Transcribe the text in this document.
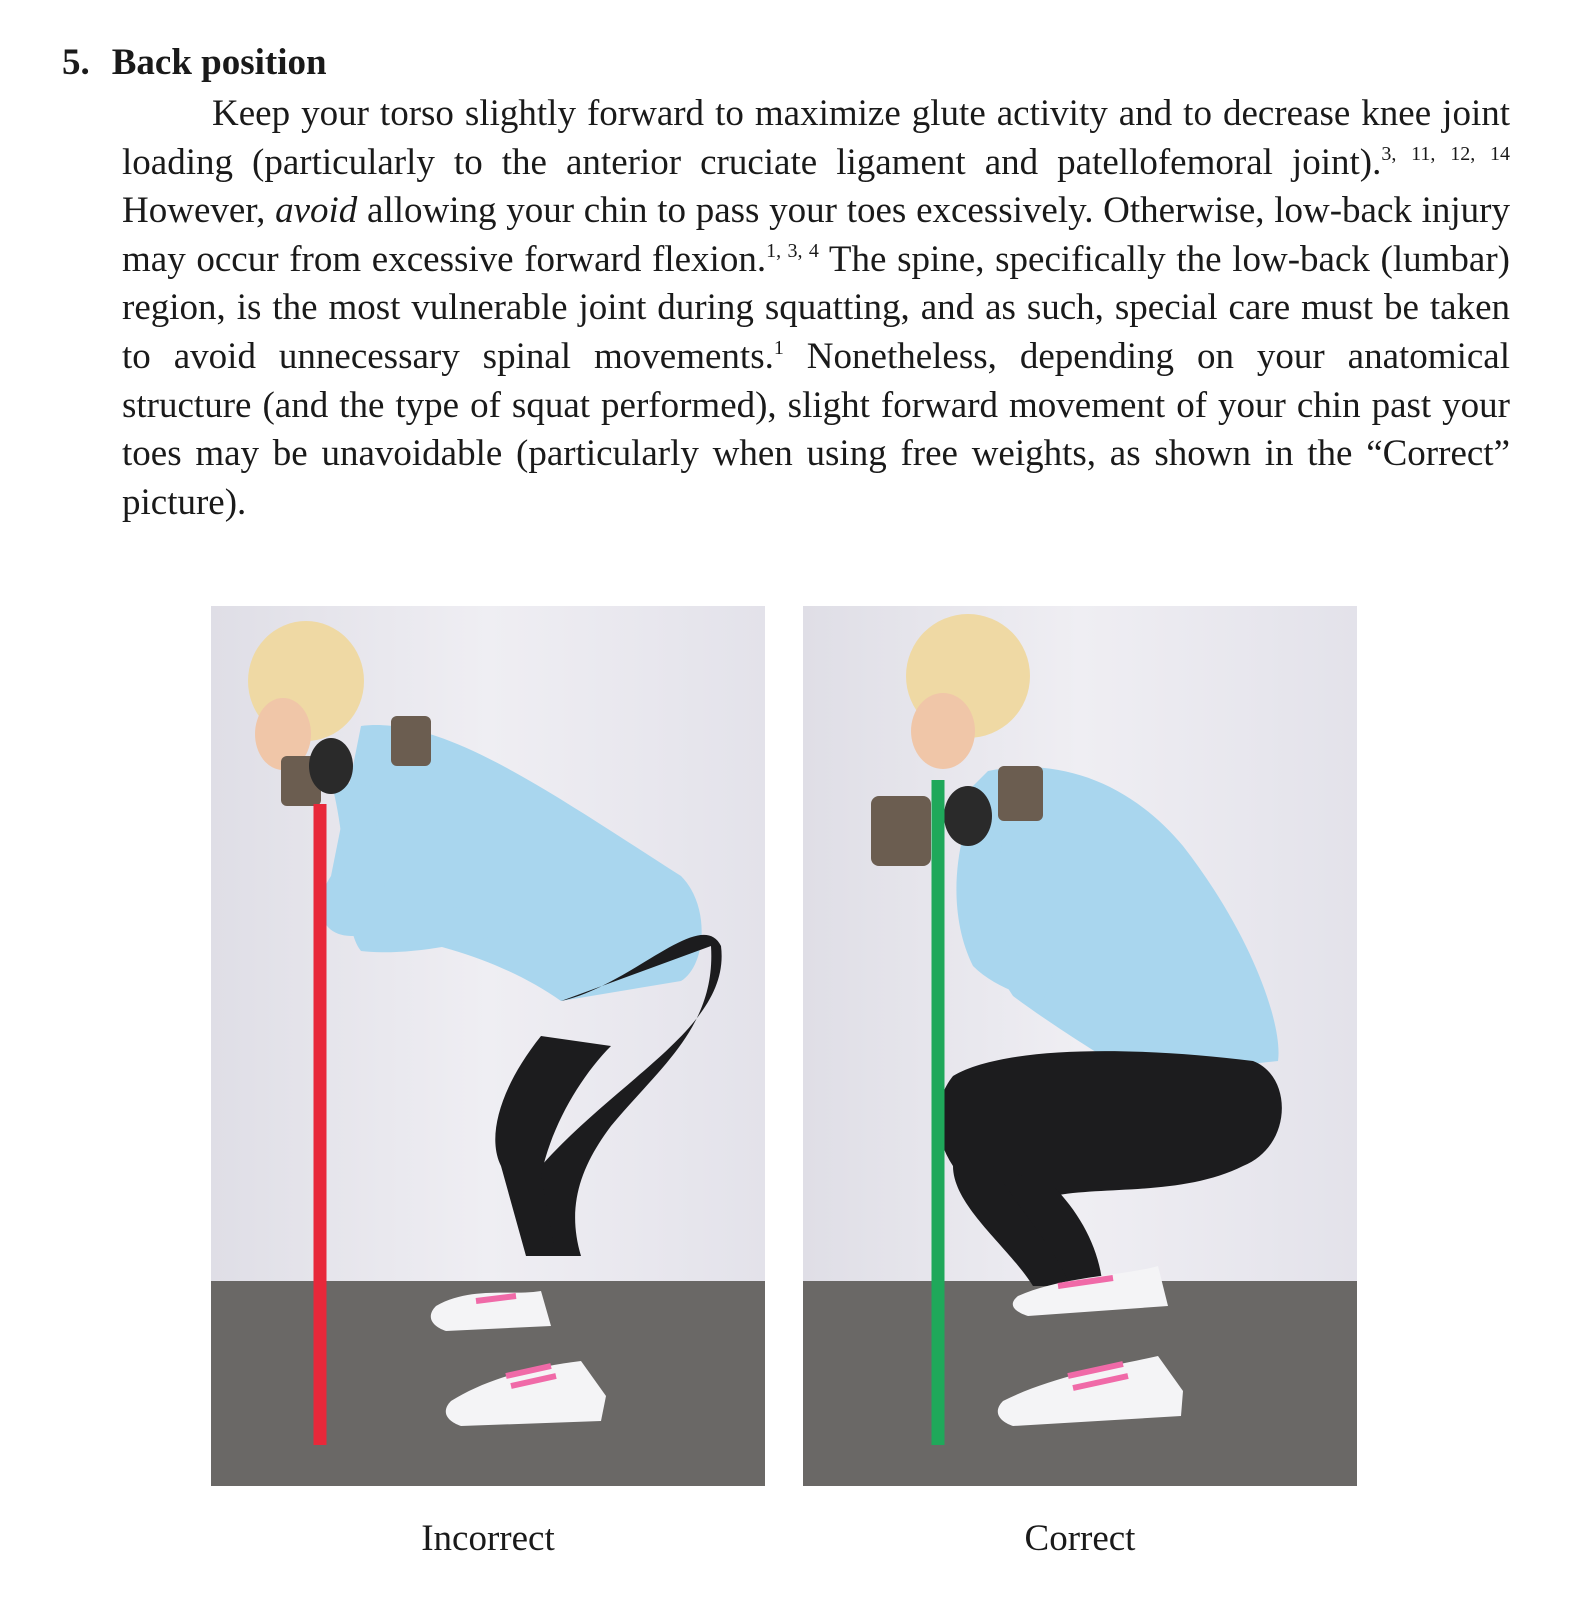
5. Back position

Keep your torso slightly forward to maximize glute activity and to decrease knee joint loading (particularly to the anterior cruciate ligament and patellofemoral joint).$^{3, 11, 12, 14}$ However, avoid allowing your chin to pass your toes excessively. Otherwise, low-back injury may occur from excessive forward flexion.$^{1, 3, 4}$ The spine, specifically the low-back (lumbar) region, is the most vulnerable joint during squatting, and as such, special care must be taken to avoid unnecessary spinal movements.$^1$ Nonetheless, depending on your anatomical structure (and the type of squat performed), slight forward movement of your chin past your toes may be unavoidable (particularly when using free weights, as shown in the “Correct” picture).

Incorrect	Correct
